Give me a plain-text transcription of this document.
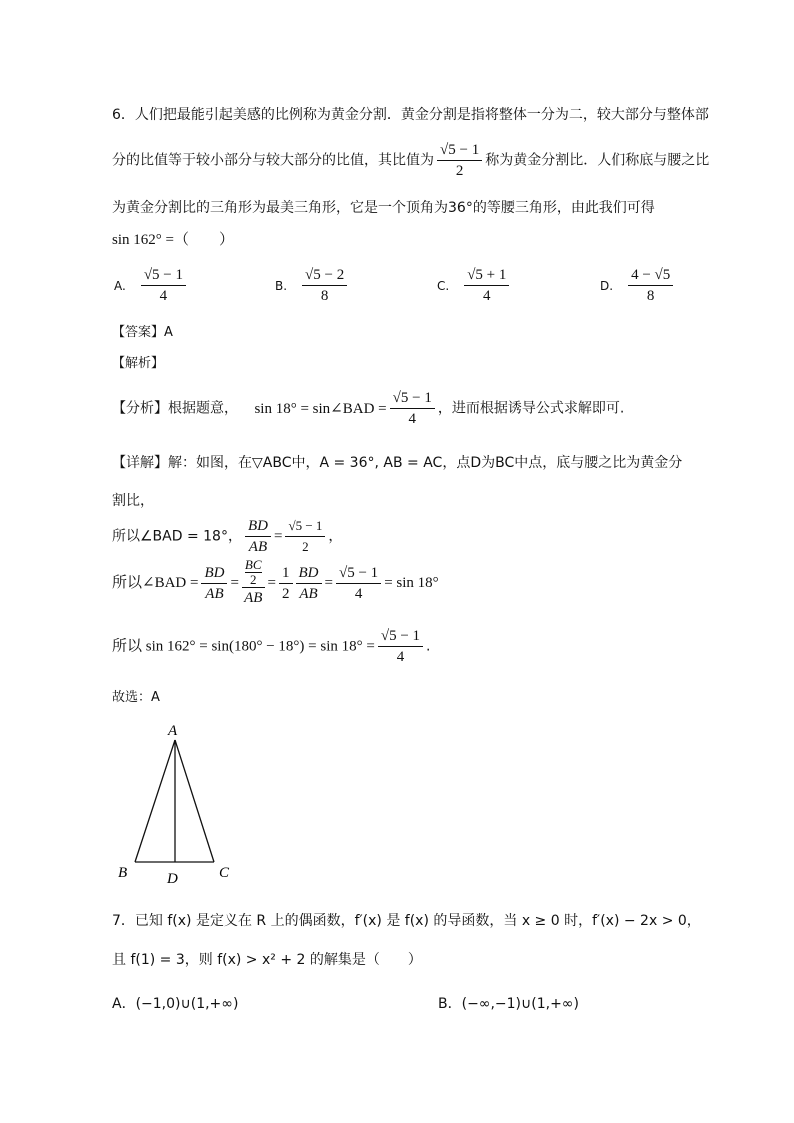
6．人们把最能引起美感的比例称为黄金分割．黄金分割是指将整体一分为二，较大部分与整体部
分的比值等于较小部分与较大部分的比值，其比值为 $\frac{√5 - 1}{2}$ 称为黄金分割比．人们称底与腰之比
为黄金分割比的三角形为最美三角形，它是一个顶角为36°的等腰三角形，由此我们可得
sin 162° =（　　）
A. $\frac{√5 - 1}{4}$	B. $\frac{√5 - 2}{8}$	C. $\frac{√5 + 1}{4}$	D. $\frac{4 - √5}{8}$
【答案】A
【解析】
【分析】根据题意， sin 18° = sin∠BAD = $\frac{√5 - 1}{4}$ ，进而根据诱导公式求解即可.
【详解】解：如图，在▽ABC中，A = 36°, AB = AC，点D为BC中点，底与腰之比为黄金分
割比，
所以∠BAD = 18°， $\frac{BD}{AB} = \frac{√5 - 1}{2}$ ，
所以∠BAD = $\frac{BD}{AB}$ = BC
2
AB = $\frac{1}{2} \frac{BD}{AB} = \frac{√5 - 1}{4} = \sin 18^\circ$
所以 $\sin 162^\circ = \sin(180^\circ - 18^\circ) = \sin 18^\circ = \frac{√5 - 1}{4}$ .
故选：A
A
B	C
D
7．已知 f(x) 是定义在 R 上的偶函数，f′(x) 是 f(x) 的导函数，当 x ≥ 0 时，f′(x) − 2x > 0，
且 f(1) = 3，则 f(x) > x² + 2 的解集是（　　）
A．(−1,0)∪(1,+∞)	B．(−∞,−1)∪(1,+∞)
